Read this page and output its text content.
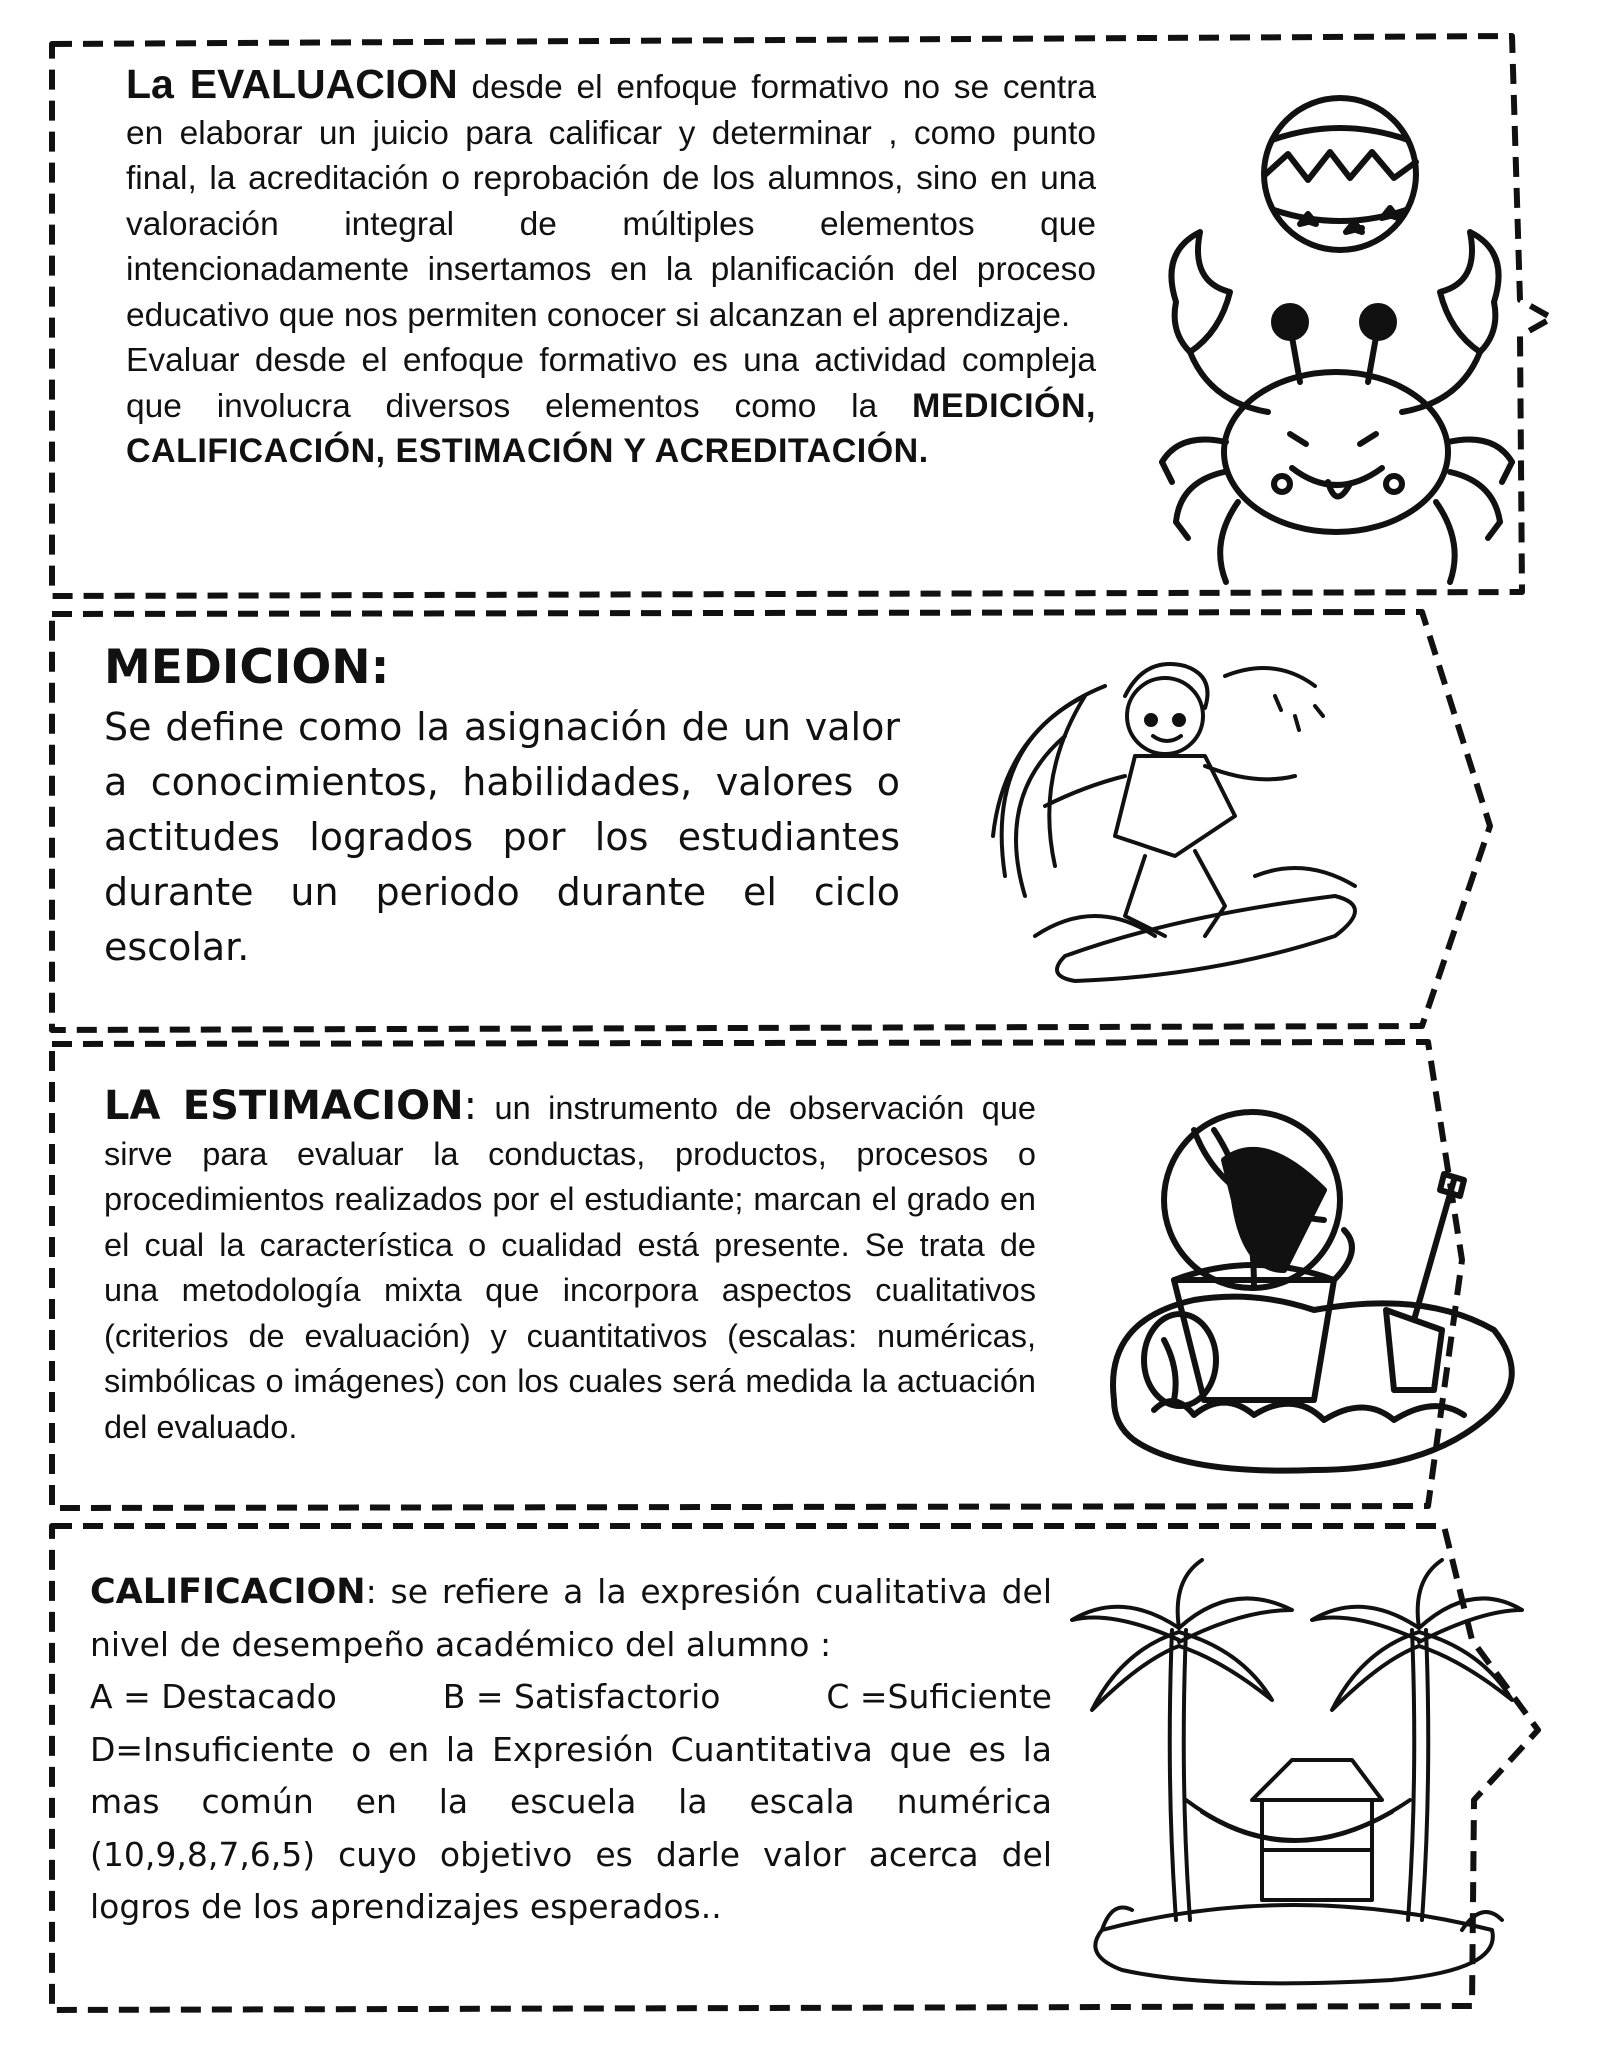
La EVALUACION desde el enfoque formativo no se centra en elaborar un juicio para calificar y determinar , como punto final, la acreditación o reprobación de los alumnos, sino en una valoración integral de múltiples elementos que intencionadamente insertamos en la planificación del proceso educativo que nos permiten conocer si alcanzan el aprendizaje.
Evaluar desde el enfoque formativo es una actividad compleja que involucra diversos elementos como la MEDICIÓN, CALIFICACIÓN, ESTIMACIÓN Y ACREDITACIÓN.
MEDICION:
Se define como la asignación de un valor a conocimientos, habilidades, valores o actitudes logrados por los estudiantes durante un periodo durante el ciclo escolar.
LA ESTIMACION: un instrumento de observación que sirve para evaluar la conductas, productos, procesos o procedimientos realizados por el estudiante; marcan el grado en el cual la característica o cualidad está presente. Se trata de una metodología mixta que incorpora aspectos cualitativos (criterios de evaluación) y cuantitativos (escalas: numéricas, simbólicas o imágenes) con los cuales será medida la actuación del evaluado.
CALIFICACION: se refiere a la expresión cualitativa del nivel de desempeño académico del alumno :
A = Destacado	B = Satisfactorio	C =Suficiente
D=Insuficiente o en la Expresión Cuantitativa que es la mas común en la escuela la escala numérica (10,9,8,7,6,5) cuyo objetivo es darle valor acerca del logros de los aprendizajes esperados..
